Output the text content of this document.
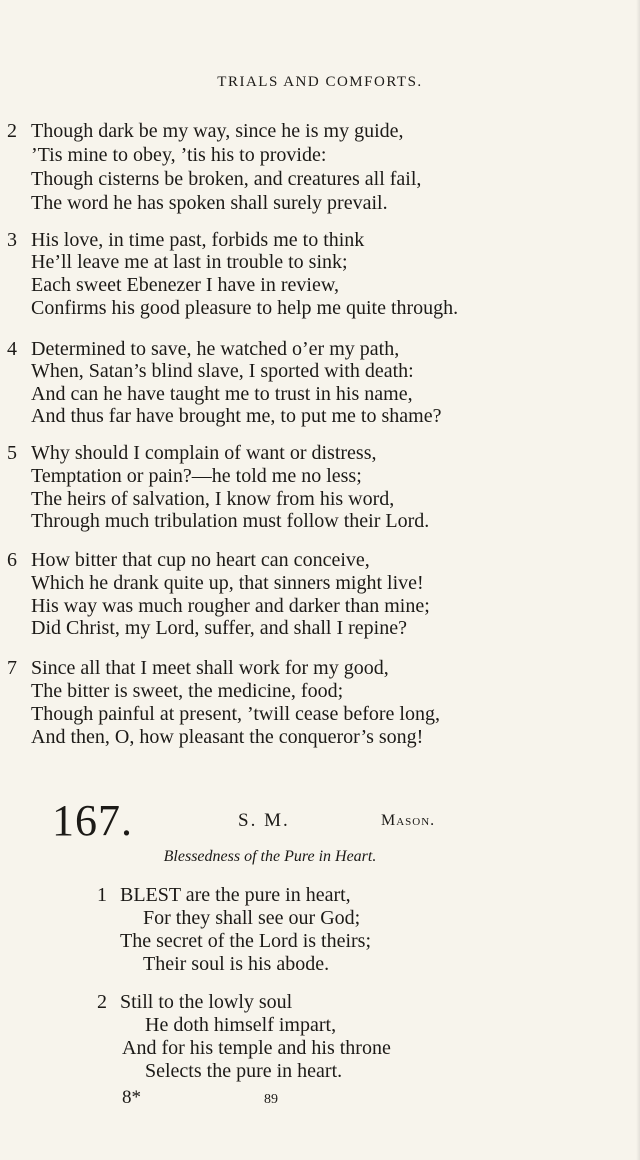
TRIALS AND COMFORTS.
2 Though dark be my way, since he is my guide,
’Tis mine to obey, ’tis his to provide:
Though cisterns be broken, and creatures all fail,
The word he has spoken shall surely prevail.
3 His love, in time past, forbids me to think
He’ll leave me at last in trouble to sink;
Each sweet Ebenezer I have in review,
Confirms his good pleasure to help me quite through.
4 Determined to save, he watched o’er my path,
When, Satan’s blind slave, I sported with death:
And can he have taught me to trust in his name,
And thus far have brought me, to put me to shame?
5 Why should I complain of want or distress,
Temptation or pain?—he told me no less;
The heirs of salvation, I know from his word,
Through much tribulation must follow their Lord.
6 How bitter that cup no heart can conceive,
Which he drank quite up, that sinners might live!
His way was much rougher and darker than mine;
Did Christ, my Lord, suffer, and shall I repine?
7 Since all that I meet shall work for my good,
The bitter is sweet, the medicine, food;
Though painful at present, ’twill cease before long,
And then, O, how pleasant the conqueror’s song!
167.	S. M.	Mason.
Blessedness of the Pure in Heart.
1 BLEST are the pure in heart,
For they shall see our God;
The secret of the Lord is theirs;
Their soul is his abode.
2 Still to the lowly soul
He doth himself impart,
And for his temple and his throne
Selects the pure in heart.
8*	89
